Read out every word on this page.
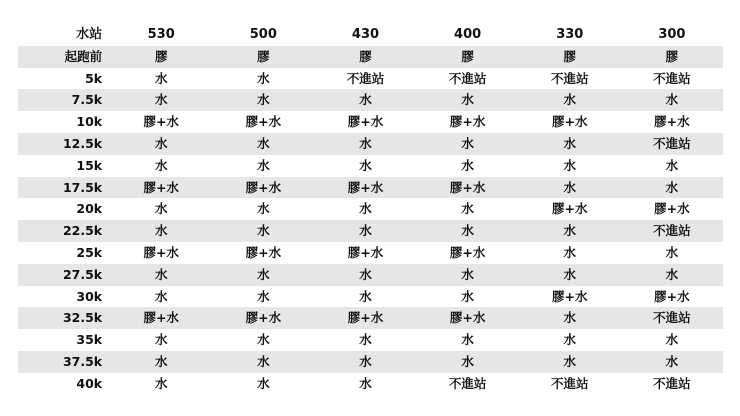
水站	530	500	430	400	330	300
起跑前	膠	膠	膠	膠	膠	膠
5k	水	水	不進站	不進站	不進站	不進站
7.5k	水	水	水	水	水	水
10k	膠+水	膠+水	膠+水	膠+水	膠+水	膠+水
12.5k	水	水	水	水	水	不進站
15k	水	水	水	水	水	水
17.5k	膠+水	膠+水	膠+水	膠+水	水	水
20k	水	水	水	水	膠+水	膠+水
22.5k	水	水	水	水	水	不進站
25k	膠+水	膠+水	膠+水	膠+水	水	水
27.5k	水	水	水	水	水	水
30k	水	水	水	水	膠+水	膠+水
32.5k	膠+水	膠+水	膠+水	膠+水	水	不進站
35k	水	水	水	水	水	水
37.5k	水	水	水	水	水	水
40k	水	水	水	不進站	不進站	不進站
